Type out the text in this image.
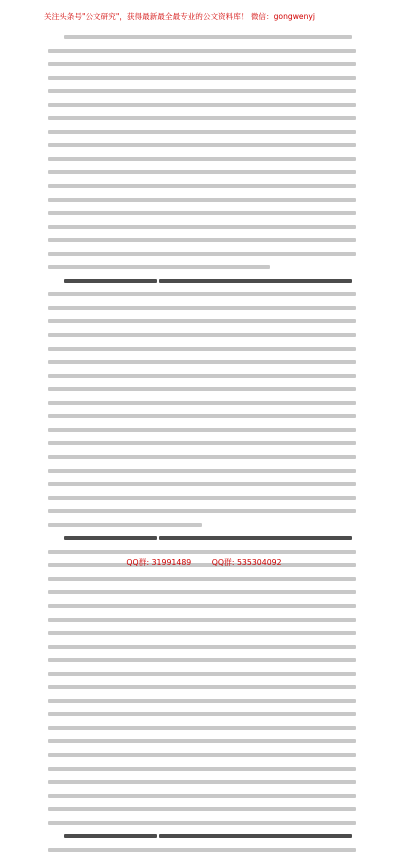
关注头条号"公文研究"，获得最新最全最专业的公文资料库！ 微信：gongwenyj
QQ群: 31991489	QQ群: 535304092
